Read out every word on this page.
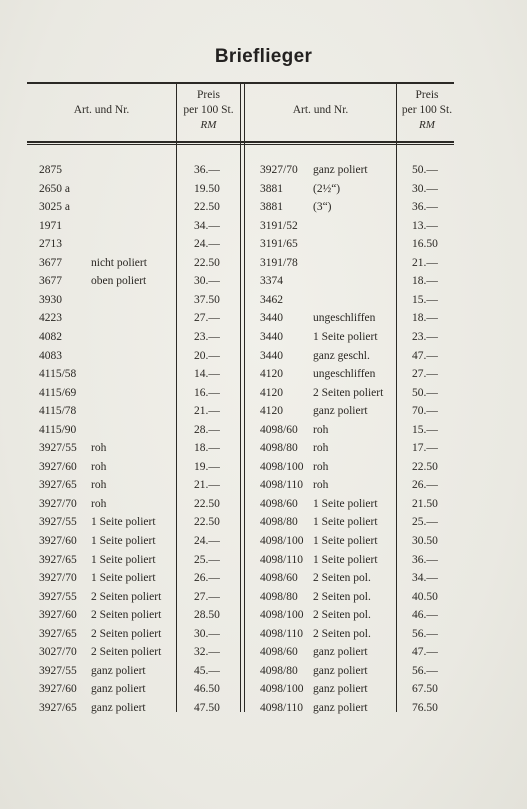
Brieflieger
Art. und Nr.
Preis
per 100 St.
RM
Art. und Nr.
Preis
per 100 St.
RM
2875	36.—	3927/70 ganz poliert	50.—
2650 a	19.50	3881	(2½“)	30.—
3025 a	22.50	3881	(3“)	36.—
1971	34.—	3191/52	13.—
2713	24.—	3191/65	16.50
3677	nicht poliert	22.50	3191/78	21.—
3677	oben poliert	30.—	3374	18.—
3930	37.50	3462	15.—
4223	27.—	3440	ungeschliffen	18.—
4082	23.—	3440	1 Seite poliert	23.—
4083	20.—	3440	ganz geschl.	47.—
4115/58	14.—	4120	ungeschliffen	27.—
4115/69	16.—	4120	2 Seiten poliert 50.—
4115/78	21.—	4120	ganz poliert	70.—
4115/90	28.—	4098/60 roh	15.—
3927/55 roh	18.—	4098/80 roh	17.—
3927/60 roh	19.—	4098/100 roh	22.50
3927/65 roh	21.—	4098/110 roh	26.—
3927/70 roh	22.50	4098/60 1 Seite poliert	21.50
3927/55 1 Seite poliert	22.50	4098/80 1 Seite poliert	25.—
3927/60 1 Seite poliert	24.—	4098/100 1 Seite poliert	30.50
3927/65 1 Seite poliert	25.—	4098/110 1 Seite poliert	36.—
3927/70 1 Seite poliert	26.—	4098/60 2 Seiten pol.	34.—
3927/55 2 Seiten poliert	27.—	4098/80 2 Seiten pol.	40.50
3927/60 2 Seiten poliert	28.50	4098/100 2 Seiten pol.	46.—
3927/65 2 Seiten poliert	30.—	4098/110 2 Seiten pol.	56.—
3027/70 2 Seiten poliert	32.—	4098/60 ganz poliert	47.—
3927/55 ganz poliert	45.—	4098/80 ganz poliert	56.—
3927/60 ganz poliert	46.50	4098/100 ganz poliert	67.50
3927/65 ganz poliert	47.50	4098/110 ganz poliert	76.50
